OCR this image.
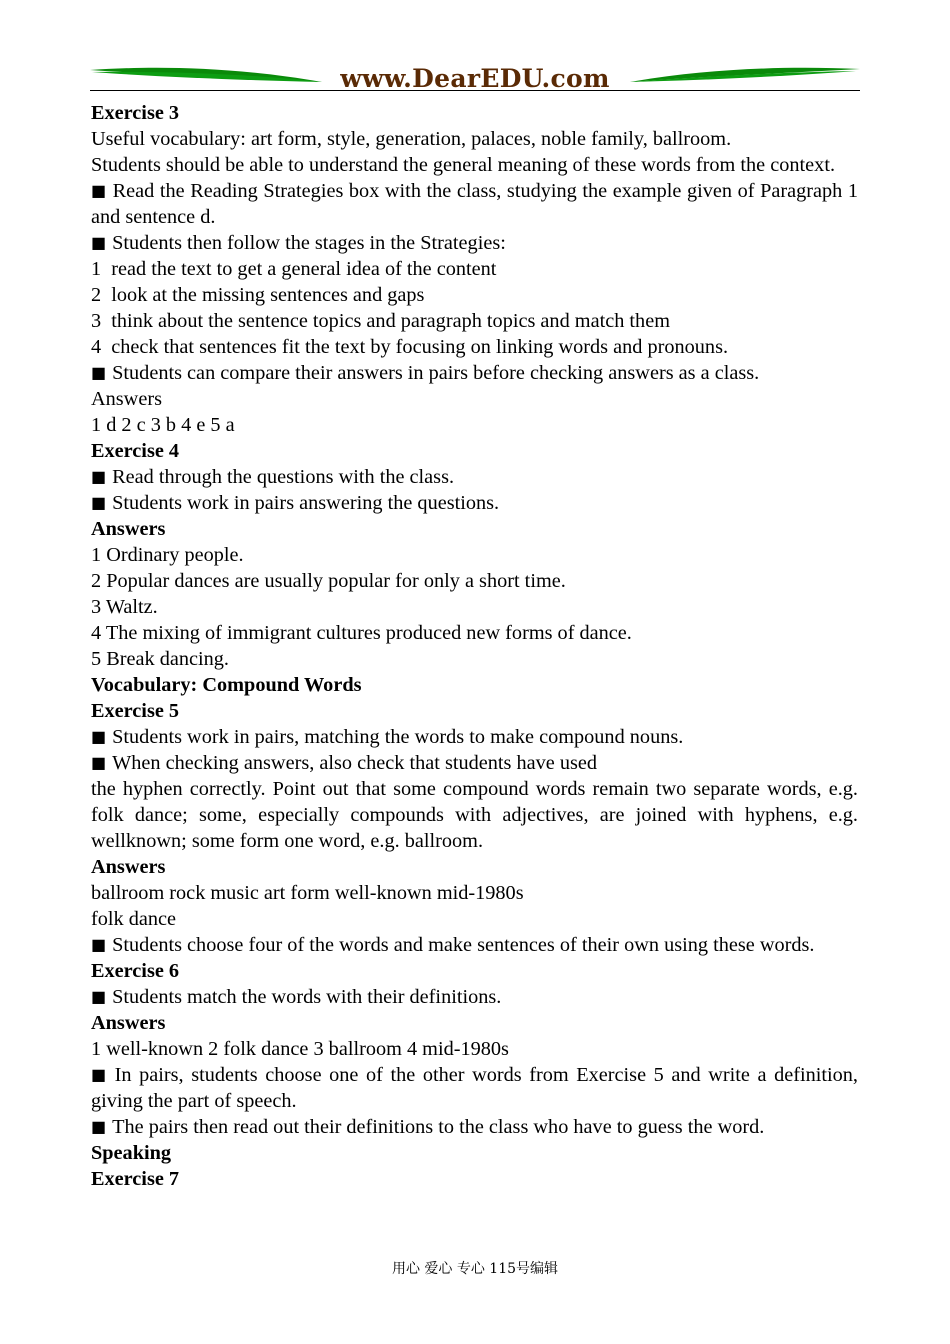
www.DearEDU.com
Exercise 3
Useful vocabulary: art form, style, generation, palaces, noble family, ballroom.
Students should be able to understand the general meaning of these words from the context.
■ Read the Reading Strategies box with the class, studying the example given of Paragraph 1 and sentence d.
■ Students then follow the stages in the Strategies:
1  read the text to get a general idea of the content
2  look at the missing sentences and gaps
3  think about the sentence topics and paragraph topics and match them
4  check that sentences fit the text by focusing on linking words and pronouns.
■ Students can compare their answers in pairs before checking answers as a class.
Answers
1 d 2 c 3 b 4 e 5 a
Exercise 4
■ Read through the questions with the class.
■ Students work in pairs answering the questions.
Answers
1 Ordinary people.
2 Popular dances are usually popular for only a short time.
3 Waltz.
4 The mixing of immigrant cultures produced new forms of dance.
5 Break dancing.
Vocabulary: Compound Words
Exercise 5
■ Students work in pairs, matching the words to make compound nouns.
■ When checking answers, also check that students have used
the hyphen correctly. Point out that some compound words remain two separate words, e.g. folk dance; some, especially compounds with adjectives, are joined with hyphens, e.g. wellknown; some form one word, e.g. ballroom.
Answers
ballroom rock music art form well-known mid-1980s
folk dance
■ Students choose four of the words and make sentences of their own using these words.
Exercise 6
■ Students match the words with their definitions.
Answers
1 well-known 2 folk dance 3 ballroom 4 mid-1980s
■ In pairs, students choose one of the other words from Exercise 5 and write a definition, giving the part of speech.
■ The pairs then read out their definitions to the class who have to guess the word.
Speaking
Exercise 7
用心 爱心 专心 115号编辑
